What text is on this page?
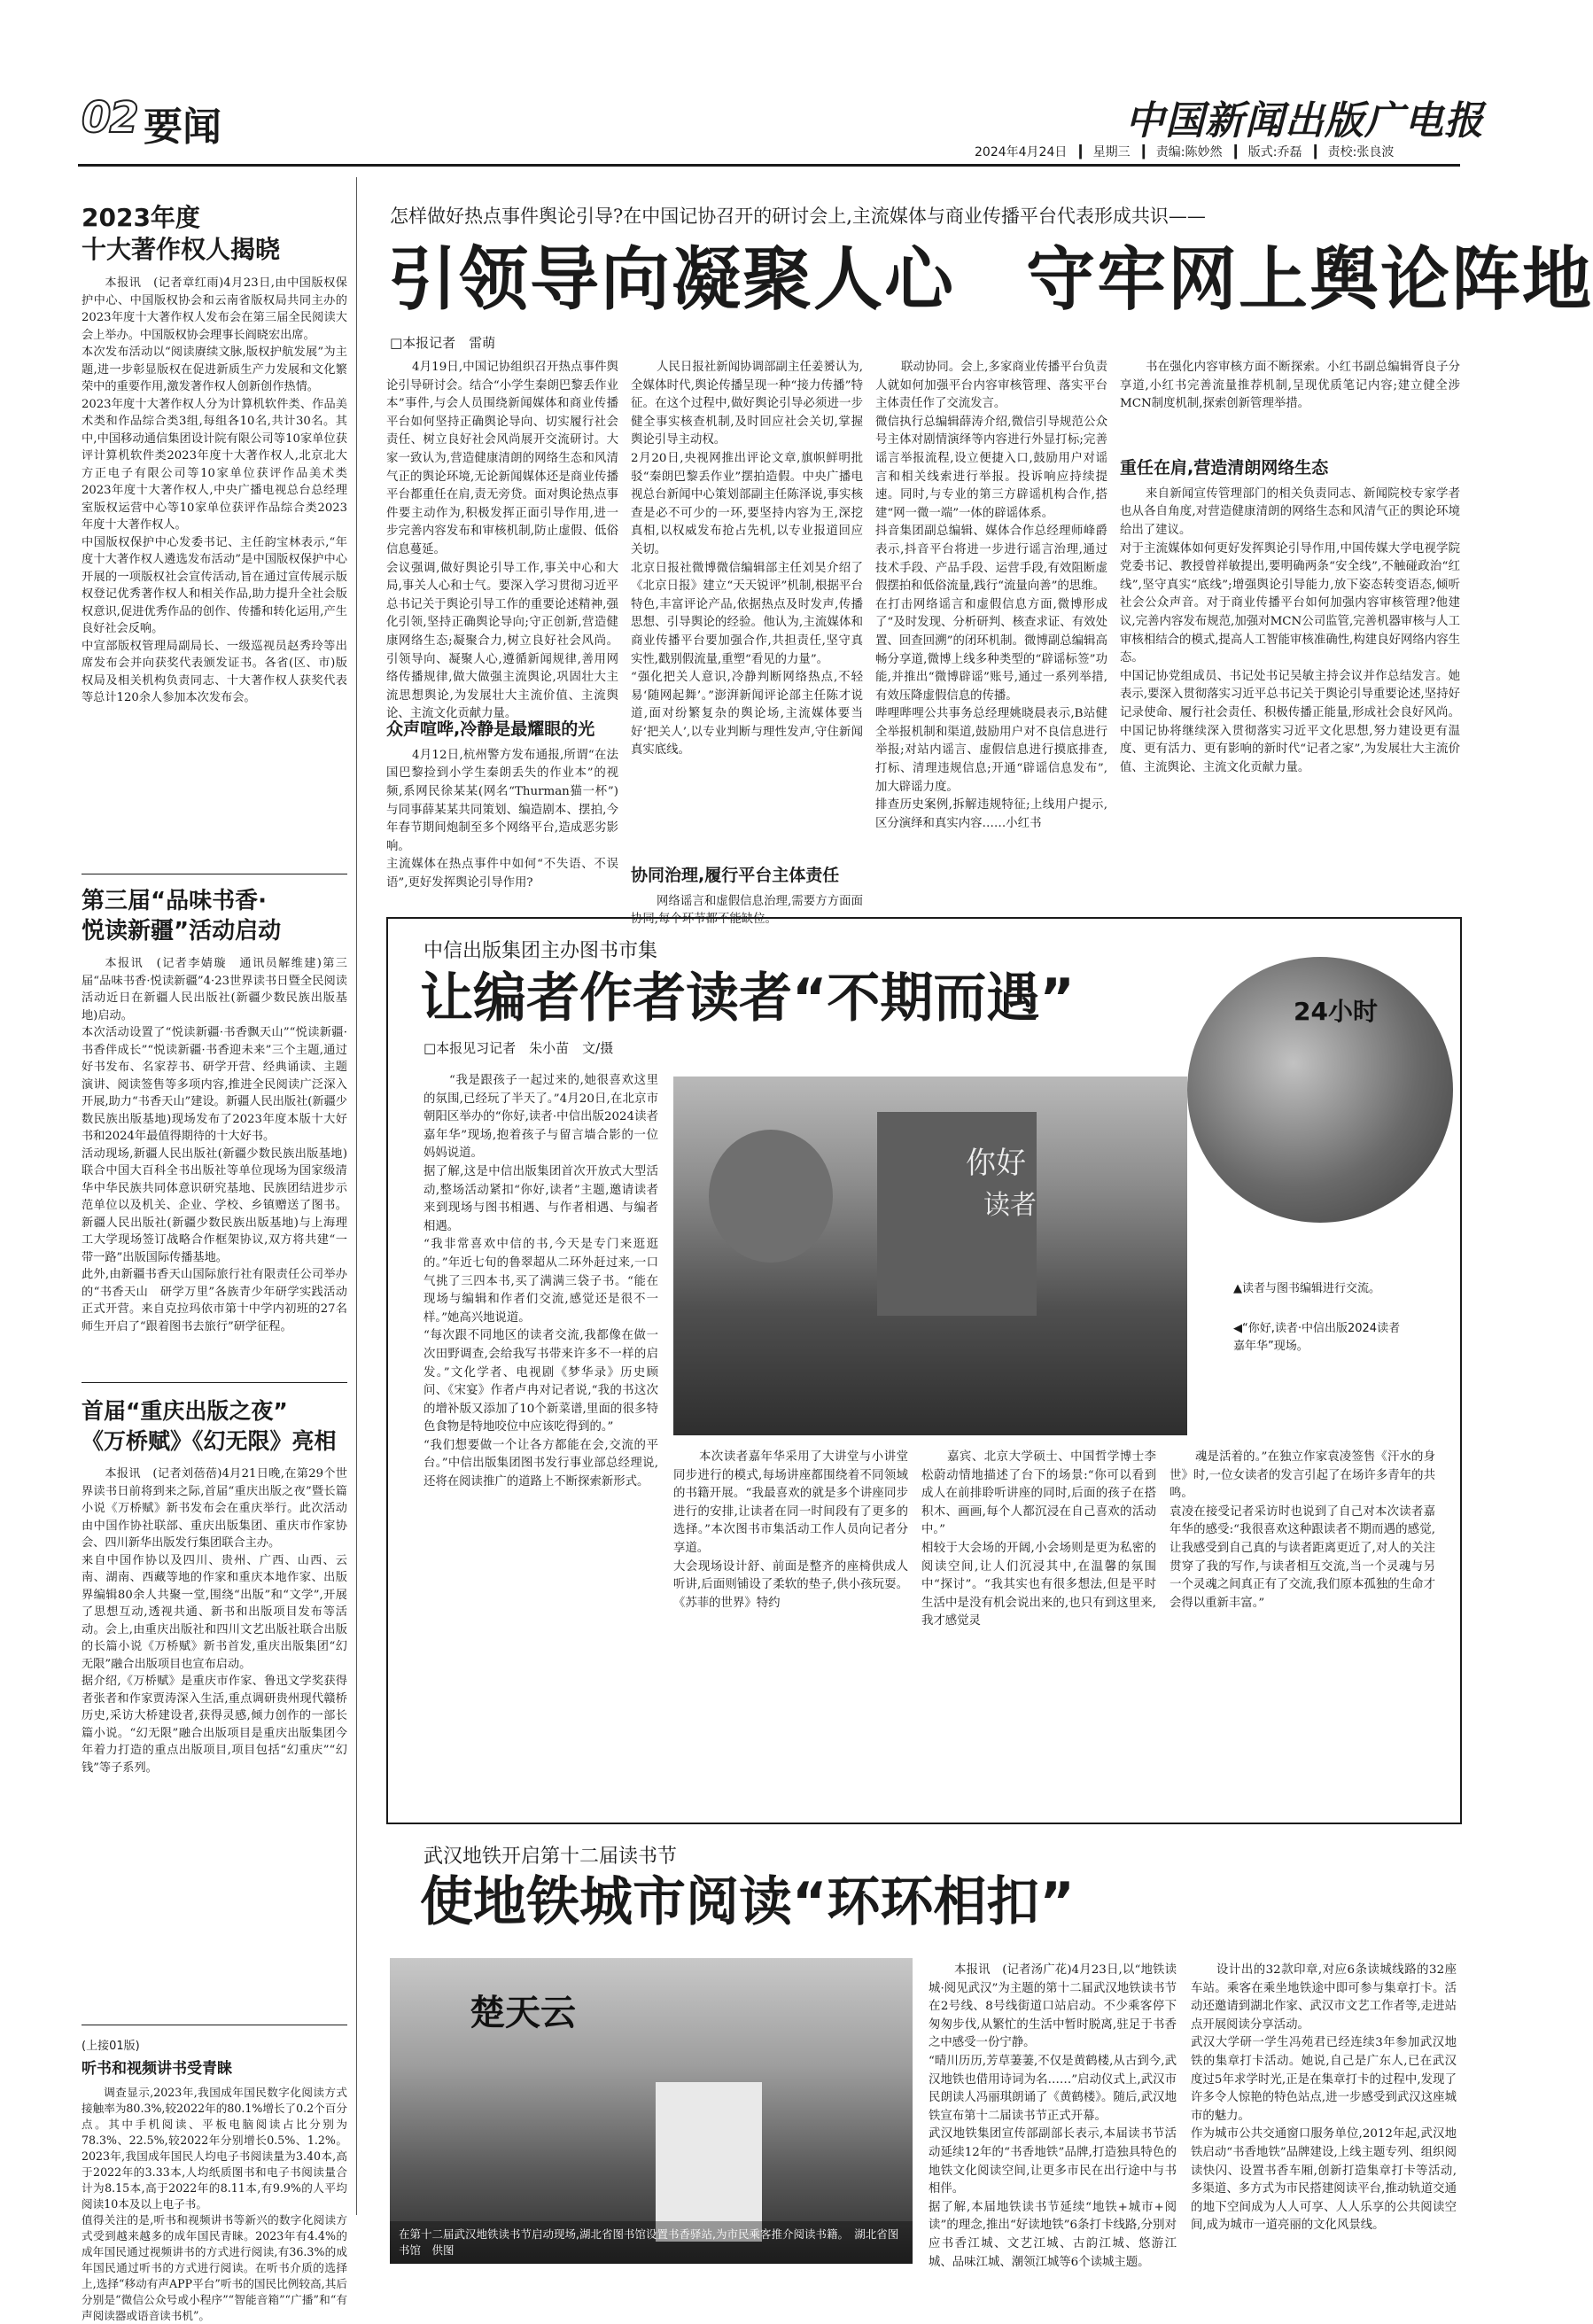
02 要闻	中国新闻出版广电报
2024年4月24日　▎ 星期三　▎ 责编:陈妙然　▎ 版式:乔磊　▎ 责校:张良波
2023年度
十大著作权人揭晓
本报讯　(记者章红雨)4月23日,由中国版权保护中心、中国版权协会和云南省版权局共同主办的2023年度十大著作权人发布会在第三届全民阅读大会上举办。中国版权协会理事长阎晓宏出席。
本次发布活动以“阅读赓续文脉,版权护航发展”为主题,进一步彰显版权在促进新质生产力发展和文化繁荣中的重要作用,激发著作权人创新创作热情。
2023年度十大著作权人分为计算机软件类、作品美术类和作品综合类3组,每组各10名,共计30名。其中,中国移动通信集团设计院有限公司等10家单位获评计算机软件类2023年度十大著作权人,北京北大方正电子有限公司等10家单位获评作品美术类2023年度十大著作权人,中央广播电视总台总经理室版权运营中心等10家单位获评作品综合类2023年度十大著作权人。
中国版权保护中心发委书记、主任韵宝林表示,“年度十大著作权人遴选发布活动”是中国版权保护中心开展的一项版权社会宣传活动,旨在通过宣传展示版权登记优秀著作权人和相关作品,助力提升全社会版权意识,促进优秀作品的创作、传播和转化运用,产生良好社会反响。
中宣部版权管理局副局长、一级巡视员赵秀玲等出席发布会并向获奖代表颁发证书。各省(区、市)版权局及相关机构负责同志、十大著作权人获奖代表等总计120余人参加本次发布会。
第三届“品味书香·
悦读新疆”活动启动
本报讯　(记者李婧璇　通讯员解维建)第三届“品味书香·悦读新疆”4·23世界读书日暨全民阅读活动近日在新疆人民出版社(新疆少数民族出版基地)启动。
本次活动设置了“悦读新疆·书香飘天山”“悦读新疆·书香伴成长”“悦读新疆·书香迎未来”三个主题,通过好书发布、名家荐书、研学开营、经典诵读、主题演讲、阅读签售等多项内容,推进全民阅读广泛深入开展,助力“书香天山”建设。新疆人民出版社(新疆少数民族出版基地)现场发布了2023年度本版十大好书和2024年最值得期待的十大好书。
活动现场,新疆人民出版社(新疆少数民族出版基地)联合中国大百科全书出版社等单位现场为国家级清华中华民族共同体意识研究基地、民族团结进步示范单位以及机关、企业、学校、乡镇赠送了图书。新疆人民出版社(新疆少数民族出版基地)与上海理工大学现场签订战略合作框架协议,双方将共建“一带一路”出版国际传播基地。
此外,由新疆书香天山国际旅行社有限责任公司举办的“书香天山　研学万里”各族青少年研学实践活动正式开营。来自克拉玛依市第十中学内初班的27名师生开启了“跟着图书去旅行”研学征程。
首届“重庆出版之夜”
《万桥赋》《幻无限》亮相
本报讯　(记者刘蓓蓓)4月21日晚,在第29个世界读书日前将到来之际,首届“重庆出版之夜”暨长篇小说《万桥赋》新书发布会在重庆举行。此次活动由中国作协社联部、重庆出版集团、重庆市作家协会、四川新华出版发行集团联合主办。
来自中国作协以及四川、贵州、广西、山西、云南、湖南、西藏等地的作家和重庆本地作家、出版界编辑80余人共聚一堂,围绕“出版”和“文学”,开展了思想互动,透视共通、新书和出版项目发布等活动。会上,由重庆出版社和四川文艺出版社联合出版的长篇小说《万桥赋》新书首发,重庆出版集团“幻无限”融合出版项目也宣布启动。
据介绍,《万桥赋》是重庆市作家、鲁迅文学奖获得者张者和作家贾涛深入生活,重点调研贵州现代赣桥历史,采访大桥建设者,获得灵感,倾力创作的一部长篇小说。“幻无限”融合出版项目是重庆出版集团今年着力打造的重点出版项目,项目包括“幻重庆”“幻钱”等子系列。
(上接01版)
听书和视频讲书受青睐
调查显示,2023年,我国成年国民数字化阅读方式接触率为80.3%,较2022年的80.1%增长了0.2个百分点。其中手机阅读、平板电脑阅读占比分别为78.3%、22.5%,较2022年分别增长0.5%、1.2%。2023年,我国成年国民人均电子书阅读量为3.40本,高于2022年的3.33本,人均纸质图书和电子书阅读量合计为8.15本,高于2022年的8.11本,有9.9%的人平均阅读10本及以上电子书。
值得关注的是,听书和视频讲书等新兴的数字化阅读方式受到越来越多的成年国民青睐。2023年有4.4%的成年国民通过视频讲书的方式进行阅读,有36.3%的成年国民通过听书的方式进行阅读。在听书介质的选择上,选择“移动有声APP平台”听书的国民比例较高,其后分别是“微信公众号或小程序”“智能音箱”“广播”和“有声阅读器或语音读书机”。
怎样做好热点事件舆论引导?在中国记协召开的研讨会上,主流媒体与商业传播平台代表形成共识——
引领导向凝聚人心　守牢网上舆论阵地
□本报记者　雷萌
4月19日,中国记协组织召开热点事件舆论引导研讨会。结合“小学生秦朗巴黎丢作业本”事件,与会人员围绕新闻媒体和商业传播平台如何坚持正确舆论导向、切实履行社会责任、树立良好社会风尚展开交流研讨。大家一致认为,营造健康清朗的网络生态和风清气正的舆论环境,无论新闻媒体还是商业传播平台都重任在肩,责无旁贷。面对舆论热点事件要主动作为,积极发挥正面引导作用,进一步完善内容发布和审核机制,防止虚假、低俗信息蔓延。
会议强调,做好舆论引导工作,事关中心和大局,事关人心和士气。要深入学习贯彻习近平总书记关于舆论引导工作的重要论述精神,强化引领,坚持正确舆论导向;守正创新,营造健康网络生态;凝聚合力,树立良好社会风尚。引领导向、凝聚人心,遵循新闻规律,善用网络传播规律,做大做强主流舆论,巩固壮大主流思想舆论,为发展壮大主流价值、主流舆论、主流文化贡献力量。
众声喧哗,冷静是最耀眼的光
4月12日,杭州警方发布通报,所谓“在法国巴黎捡到小学生秦朗丢失的作业本”的视频,系网民徐某某(网名“Thurman猫一杯”)与同事薛某某共同策划、编造剧本、摆拍,今年春节期间炮制至多个网络平台,造成恶劣影响。
主流媒体在热点事件中如何“不失语、不误语”,更好发挥舆论引导作用?
人民日报社新闻协调部副主任姜赟认为,全媒体时代,舆论传播呈现一种“接力传播”特征。在这个过程中,做好舆论引导必须进一步健全事实核查机制,及时回应社会关切,掌握舆论引导主动权。
2月20日,央视网推出评论文章,旗帜鲜明批驳“秦朗巴黎丢作业”摆拍造假。中央广播电视总台新闻中心策划部副主任陈泽说,事实核查是必不可少的一环,要坚持内容为王,深挖真相,以权威发布抢占先机,以专业报道回应关切。
北京日报社微博微信编辑部主任刘昊介绍了《北京日报》建立“天天锐评”机制,根据平台特色,丰富评论产品,依据热点及时发声,传播思想、引导舆论的经验。他认为,主流媒体和商业传播平台要加强合作,共担责任,坚守真实性,戳别假流量,重塑“看见的力量”。
“强化把关人意识,冷静判断网络热点,不轻易‘随网起舞’。”澎湃新闻评论部主任陈才说道,面对纷繁复杂的舆论场,主流媒体要当好‘把关人’,以专业判断与理性发声,守住新闻真实底线。
协同治理,履行平台主体责任
网络谣言和虚假信息治理,需要方方面面协同,每个环节都不能缺位。
联动协同。会上,多家商业传播平台负责人就如何加强平台内容审核管理、落实平台主体责任作了交流发言。
微信执行总编辑薛涛介绍,微信引导规范公众号主体对剧情演绎等内容进行外显打标;完善谣言举报流程,设立便捷入口,鼓励用户对谣言和相关线索进行举报。投诉响应持续提速。同时,与专业的第三方辟谣机构合作,搭建“网一微一端”一体的辟谣体系。
抖音集团副总编辑、媒体合作总经理师峰爵表示,抖音平台将进一步进行谣言治理,通过技术手段、产品手段、运营手段,有效阻断虚假摆拍和低俗流量,践行“流量向善”的思维。
在打击网络谣言和虚假信息方面,微博形成了“及时发现、分析研判、核查求证、有效处置、回查回溯”的闭环机制。微博副总编辑高畅分享道,微博上线多种类型的“辟谣标签”功能,并推出“微博辟谣”账号,通过一系列举措,有效压降虚假信息的传播。
哔哩哔哩公共事务总经理姚晓晨表示,B站健全举报机制和渠道,鼓励用户对不良信息进行举报;对站内谣言、虚假信息进行摸底排查,打标、清理违规信息;开通“辟谣信息发布”,加大辟谣力度。
排查历史案例,拆解违规特征;上线用户提示,区分演绎和真实内容……小红书
书在强化内容审核方面不断探索。小红书副总编辑胥良子分享道,小红书完善流量推荐机制,呈现优质笔记内容;建立健全涉MCN制度机制,探索创新管理举措。
重任在肩,营造清朗网络生态
来自新闻宣传管理部门的相关负责同志、新闻院校专家学者也从各自角度,对营造健康清朗的网络生态和风清气正的舆论环境给出了建议。
对于主流媒体如何更好发挥舆论引导作用,中国传媒大学电视学院党委书记、教授曾祥敏提出,要明确两条“安全线”,不触碰政治“红线”,坚守真实“底线”;增强舆论引导能力,放下姿态转变语态,倾听社会公众声音。对于商业传播平台如何加强内容审核管理?他建议,完善内容发布规范,加强对MCN公司监管,完善机器审核与人工审核相结合的模式,提高人工智能审核准确性,构建良好网络内容生态。
中国记协党组成员、书记处书记吴敏主持会议并作总结发言。她表示,要深入贯彻落实习近平总书记关于舆论引导重要论述,坚持好记录使命、履行社会责任、积极传播正能量,形成社会良好风尚。中国记协将继续深入贯彻落实习近平文化思想,努力建设更有温度、更有活力、更有影响的新时代“记者之家”,为发展壮大主流价值、主流舆论、主流文化贡献力量。
中信出版集团主办图书市集
让编者作者读者“不期而遇”
□本报见习记者　朱小苗　文/摄
“我是跟孩子一起过来的,她很喜欢这里的氛围,已经玩了半天了。”4月20日,在北京市朝阳区举办的“你好,读者·中信出版2024读者嘉年华”现场,抱着孩子与留言墙合影的一位妈妈说道。
据了解,这是中信出版集团首次开放式大型活动,整场活动紧扣“你好,读者”主题,邀请读者来到现场与图书相遇、与作者相遇、与编者相遇。
“我非常喜欢中信的书,今天是专门来逛逛的。”年近七旬的鲁翠超从二环外赶过来,一口气挑了三四本书,买了满满三袋子书。“能在现场与编辑和作者们交流,感觉还是很不一样。”她高兴地说道。
“每次跟不同地区的读者交流,我都像在做一次田野调查,会给我写书带来许多不一样的启发。”文化学者、电视剧《梦华录》历史顾问、《宋宴》作者卢冉对记者说,“我的书这次的增补版又添加了10个新菜谱,里面的很多特色食物是特地咬位中应该吃得到的。”
“我们想要做一个让各方都能在会,交流的平台。”中信出版集团图书发行事业部总经理说,还将在阅读推广的道路上不断探索新形式。
你好
读者
24小时
▲读者与图书编辑进行交流。
◀“你好,读者·中信出版2024读者嘉年华”现场。
本次读者嘉年华采用了大讲堂与小讲堂同步进行的模式,每场讲座都围绕着不同领域的书籍开展。“我最喜欢的就是多个讲座同步进行的安排,让读者在同一时间段有了更多的选择。”本次图书市集活动工作人员向记者分享道。
大会现场设计舒、前面是整齐的座椅供成人听讲,后面则铺设了柔软的垫子,供小孩玩耍。《苏菲的世界》特约
嘉宾、北京大学硕士、中国哲学博士李松蔚动情地描述了台下的场景:“你可以看到成人在前排聆听讲座的同时,后面的孩子在搭积木、画画,每个人都沉浸在自己喜欢的活动中。”
相较于大会场的开阔,小会场则是更为私密的阅读空间,让人们沉浸其中,在温馨的氛围中“探讨”。“我其实也有很多想法,但是平时生活中是没有机会说出来的,也只有到这里来,我才感觉灵
魂是活着的。”在独立作家袁凌签售《汗水的身世》时,一位女读者的发言引起了在场许多青年的共鸣。
袁凌在接受记者采访时也说到了自己对本次读者嘉年华的感受:“我很喜欢这种跟读者不期而遇的感觉,让我感受到自己真的与读者距离更近了,对人的关注贯穿了我的写作,与读者相互交流,当一个灵魂与另一个灵魂之间真正有了交流,我们原本孤独的生命才会得以重新丰富。”
武汉地铁开启第十二届读书节
使地铁城市阅读“环环相扣”
楚天云
在第十二届武汉地铁读书节启动现场,湖北省图书馆设置书香驿站,为市民乘客推介阅读书籍。　湖北省图书馆　供图
本报讯　(记者汤广花)4月23日,以“地铁读城·阅见武汉”为主题的第十二届武汉地铁读书节在2号线、8号线街道口站启动。不少乘客停下匆匆步伐,从繁忙的生活中暂时脱离,驻足于书香之中感受一份宁静。
“晴川历历,芳草萋萋,不仅是黄鹤楼,从古到今,武汉地铁也借用诗词为名……”启动仪式上,武汉市民朗读人冯丽琪朗诵了《黄鹤楼》。随后,武汉地铁宣布第十二届读书节正式开幕。
武汉地铁集团宣传部副部长表示,本届读书节活动延续12年的“书香地铁”品牌,打造独具特色的地铁文化阅读空间,让更多市民在出行途中与书相伴。
据了解,本届地铁读书节延续“地铁+城市+阅读”的理念,推出“好读地铁”6条打卡线路,分别对应书香江城、文艺江城、古韵江城、悠游江城、品味江城、潮领江城等6个读城主题。
设计出的32款印章,对应6条读城线路的32座车站。乘客在乘坐地铁途中即可参与集章打卡。活动还邀请到湖北作家、武汉市文艺工作者等,走进站点开展阅读分享活动。
武汉大学研一学生冯苑君已经连续3年参加武汉地铁的集章打卡活动。她说,自己是广东人,已在武汉度过5年求学时光,正是在集章打卡的过程中,发现了许多令人惊艳的特色站点,进一步感受到武汉这座城市的魅力。
作为城市公共交通窗口服务单位,2012年起,武汉地铁启动“书香地铁”品牌建设,上线主题专列、组织阅读快闪、设置书香车厢,创新打造集章打卡等活动,多渠道、多方式为市民搭建阅读平台,推动轨道交通的地下空间成为人人可享、人人乐享的公共阅读空间,成为城市一道亮丽的文化风景线。
